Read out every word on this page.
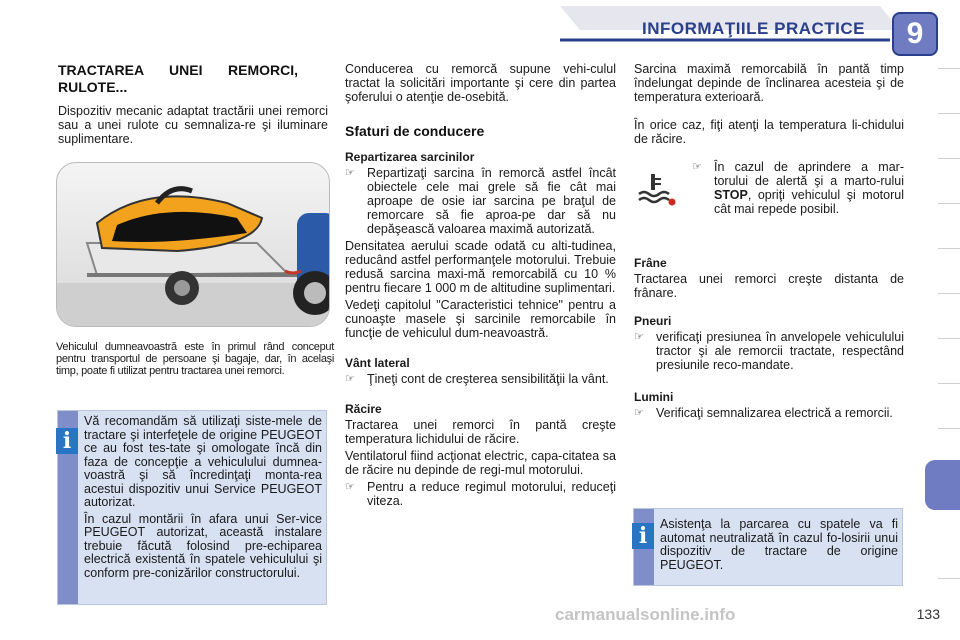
INFORMAŢIILE PRACTICE	9
TRACTAREA UNEI REMORCI, RULOTE...

Dispozitiv mecanic adaptat tractării unei remorci sau a unei rulote cu semnaliza-re şi iluminare suplimentare.

Vehiculul dumneavoastră este în primul rând conceput pentru transportul de persoane şi bagaje, dar, în acelaşi timp, poate fi utilizat pentru tractarea unei remorci.
i

Vă recomandăm să utilizaţi siste-mele de tractare şi interfeţele de origine PEUGEOT ce au fost tes-tate şi omologate încă din faza de concepţie a vehiculului dumnea-voastră şi să încredinţaţi monta-rea acestui dispozitiv unui Service PEUGEOT autorizat.

În cazul montării în afara unui Ser-vice PEUGEOT autorizat, această instalare trebuie făcută folosind pre-echiparea electrică existentă în spatele vehiculului şi conform pre-conizărilor constructorului.

Conducerea cu remorcă supune vehi-culul tractat la solicitări importante şi cere din partea şoferului o atenţie de-osebită.

Sfaturi de conducere
Repartizarea sarcinilor
☞ Repartizaţi sarcina în remorcă astfel încât obiectele cele mai grele să fie cât mai aproape de osie iar sarcina pe braţul de remorcare să fie aproa-pe dar să nu depăşească valoarea maximă autorizată.

Densitatea aerului scade odată cu alti-tudinea, reducând astfel performanţele motorului. Trebuie redusă sarcina maxi-mă remorcabilă cu 10 % pentru fiecare 1 000 m de altitudine suplimentari.

Vedeţi capitolul "Caracteristici tehnice" pentru a cunoaşte masele şi sarcinile remorcabile în funcţie de vehiculul dum-neavoastră.

Vânt lateral
☞ Ţineţi cont de creşterea sensibilităţii la vânt.
Răcire

Tractarea unei remorci în pantă creşte temperatura lichidului de răcire.

Ventilatorul fiind acţionat electric, capa-citatea sa de răcire nu depinde de regi-mul motorului.

☞ Pentru a reduce regimul motorului, reduceţi viteza.

Sarcina maximă remorcabilă în pantă timp îndelungat depinde de înclinarea acesteia şi de temperatura exterioară.

În orice caz, fiţi atenţi la temperatura li-chidului de răcire.

☞ În cazul de aprindere a mar-torului de alertă şi a marto-rului STOP, opriţi vehiculul şi motorul cât mai repede posibil.
Frâne

Tractarea unei remorci creşte distanta de frânare.

Pneuri
☞ verificaţi presiunea în anvelopele vehiculului tractor şi ale remorcii tractate, respectând presiunile reco-mandate.
Lumini
☞ Verificaţi semnalizarea electrică a remorcii.
i	Asistenţa la parcarea cu spatele va fi automat neutralizată în cazul fo-losirii unui dispozitiv de tractare de origine PEUGEOT.

carmanualsonline.info	133
